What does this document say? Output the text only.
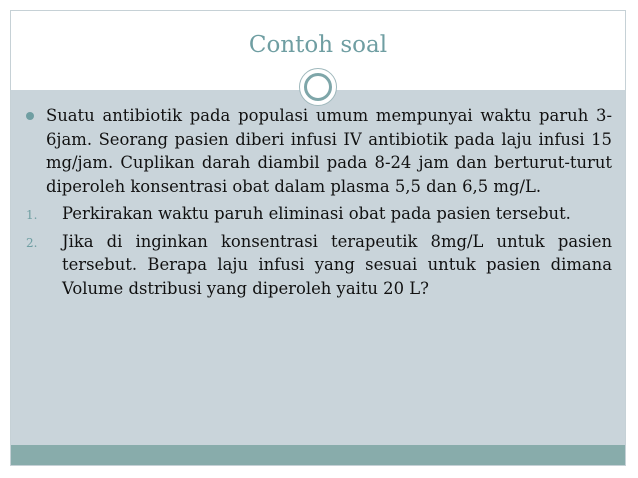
Contoh soal

Suatu antibiotik pada populasi umum mempunyai waktu paruh 3-6jam. Seorang pasien diberi infusi IV antibiotik pada laju infusi 15 mg/jam. Cuplikan darah diambil pada 8-24 jam dan berturut-turut diperoleh konsentrasi obat dalam plasma 5,5 dan 6,5 mg/L.

1. Perkirakan waktu paruh eliminasi obat pada pasien tersebut.

2. Jika di inginkan konsentrasi terapeutik 8mg/L untuk pasien tersebut. Berapa laju infusi yang sesuai untuk pasien dimana Volume dstribusi yang diperoleh yaitu 20 L?
